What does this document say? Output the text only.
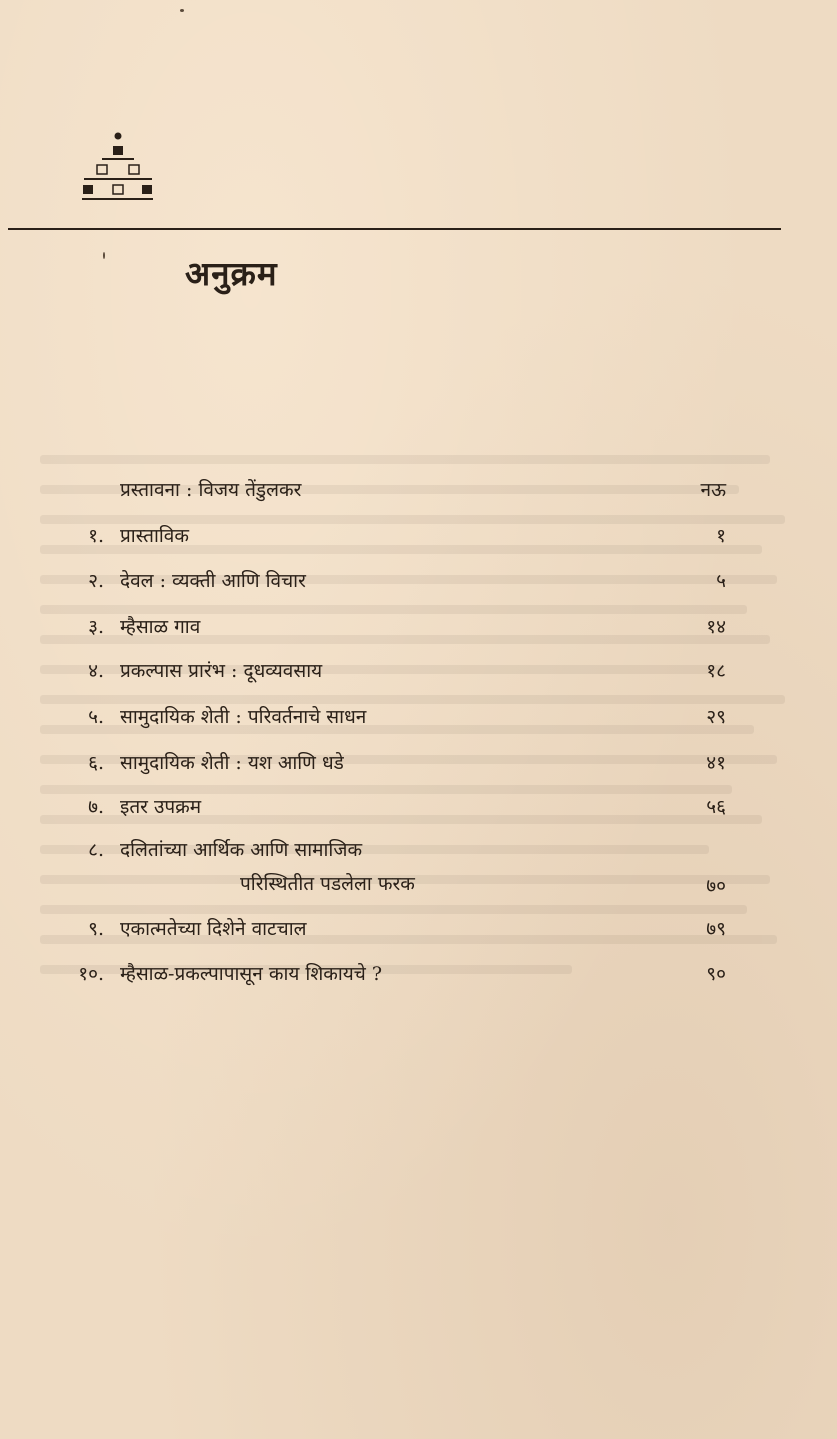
अनुक्रम
प्रस्तावना : विजय तेंडुलकर	नऊ
१. प्रास्ताविक	१
२. देवल : व्यक्ती आणि विचार	५
३. म्हैसाळ गाव	१४
४. प्रकल्पास प्रारंभ : दूधव्यवसाय	१८
५. सामुदायिक शेती : परिवर्तनाचे साधन	२९
६. सामुदायिक शेती : यश आणि धडे	४१
७. इतर उपक्रम	५६
८. दलितांच्या आर्थिक आणि सामाजिक
परिस्थितीत पडलेला फरक	७०
९. एकात्मतेच्या दिशेने वाटचाल	७९
१०. म्हैसाळ-प्रकल्पापासून काय शिकायचे ?	९०
